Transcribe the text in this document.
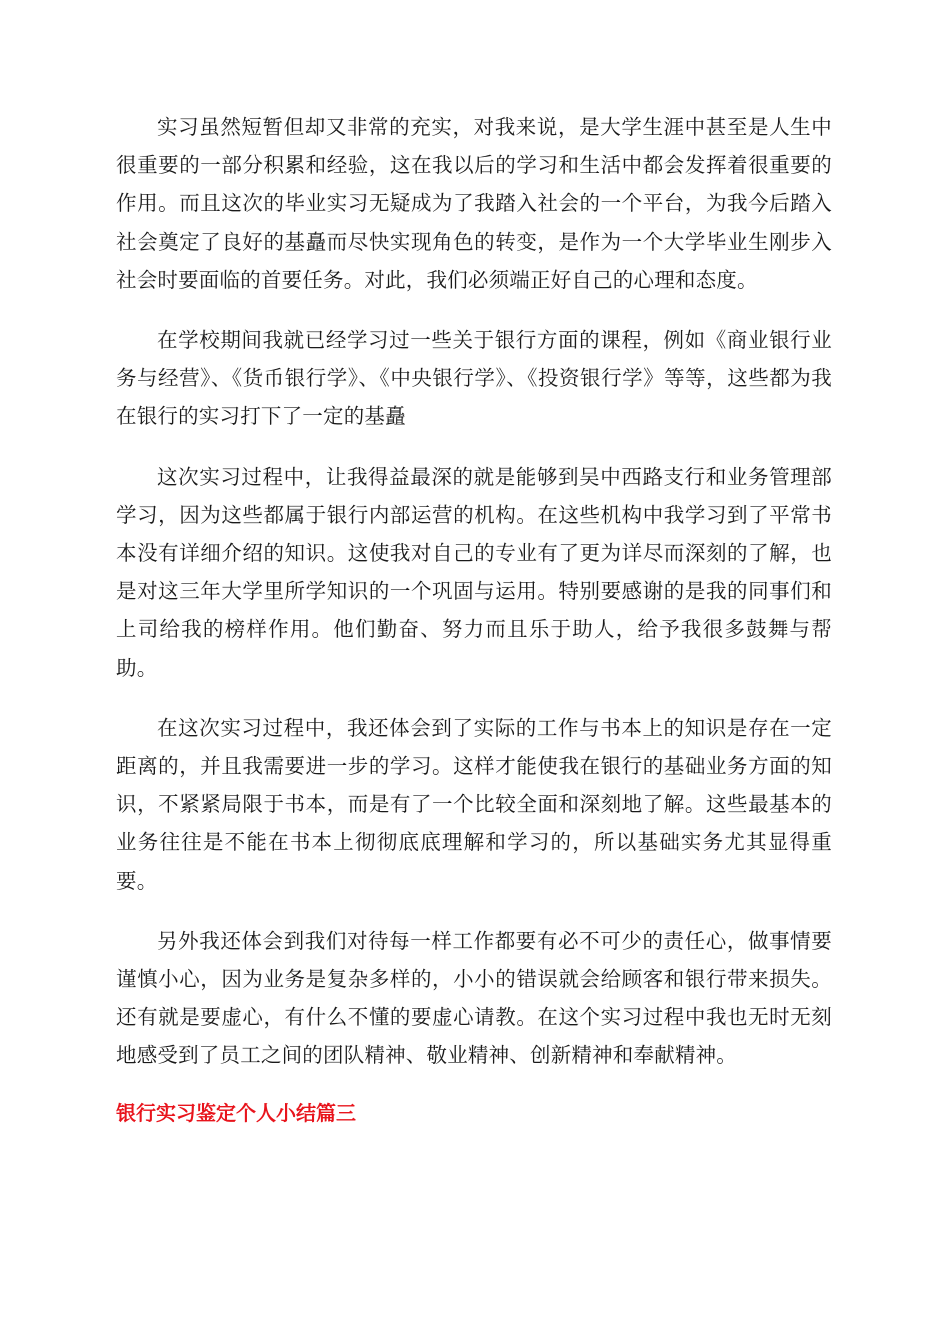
实习虽然短暂但却又非常的充实，对我来说，是大学生涯中甚至是人生中很重要的一部分积累和经验，这在我以后的学习和生活中都会发挥着很重要的作用。而且这次的毕业实习无疑成为了我踏入社会的一个平台，为我今后踏入社会奠定了良好的基矗而尽快实现角色的转变，是作为一个大学毕业生刚步入社会时要面临的首要任务。对此，我们必须端正好自己的心理和态度。

在学校期间我就已经学习过一些关于银行方面的课程，例如《商业银行业务与经营》、《货币银行学》、《中央银行学》、《投资银行学》等等，这些都为我在银行的实习打下了一定的基矗

这次实习过程中，让我得益最深的就是能够到吴中西路支行和业务管理部学习，因为这些都属于银行内部运营的机构。在这些机构中我学习到了平常书本没有详细介绍的知识。这使我对自己的专业有了更为详尽而深刻的了解，也是对这三年大学里所学知识的一个巩固与运用。特别要感谢的是我的同事们和上司给我的榜样作用。他们勤奋、努力而且乐于助人，给予我很多鼓舞与帮助。

在这次实习过程中，我还体会到了实际的工作与书本上的知识是存在一定距离的，并且我需要进一步的学习。这样才能使我在银行的基础业务方面的知识，不紧紧局限于书本，而是有了一个比较全面和深刻地了解。这些最基本的业务往往是不能在书本上彻彻底底理解和学习的，所以基础实务尤其显得重要。

另外我还体会到我们对待每一样工作都要有必不可少的责任心，做事情要谨慎小心，因为业务是复杂多样的，小小的错误就会给顾客和银行带来损失。还有就是要虚心，有什么不懂的要虚心请教。在这个实习过程中我也无时无刻地感受到了员工之间的团队精神、敬业精神、创新精神和奉献精神。

银行实习鉴定个人小结篇三
